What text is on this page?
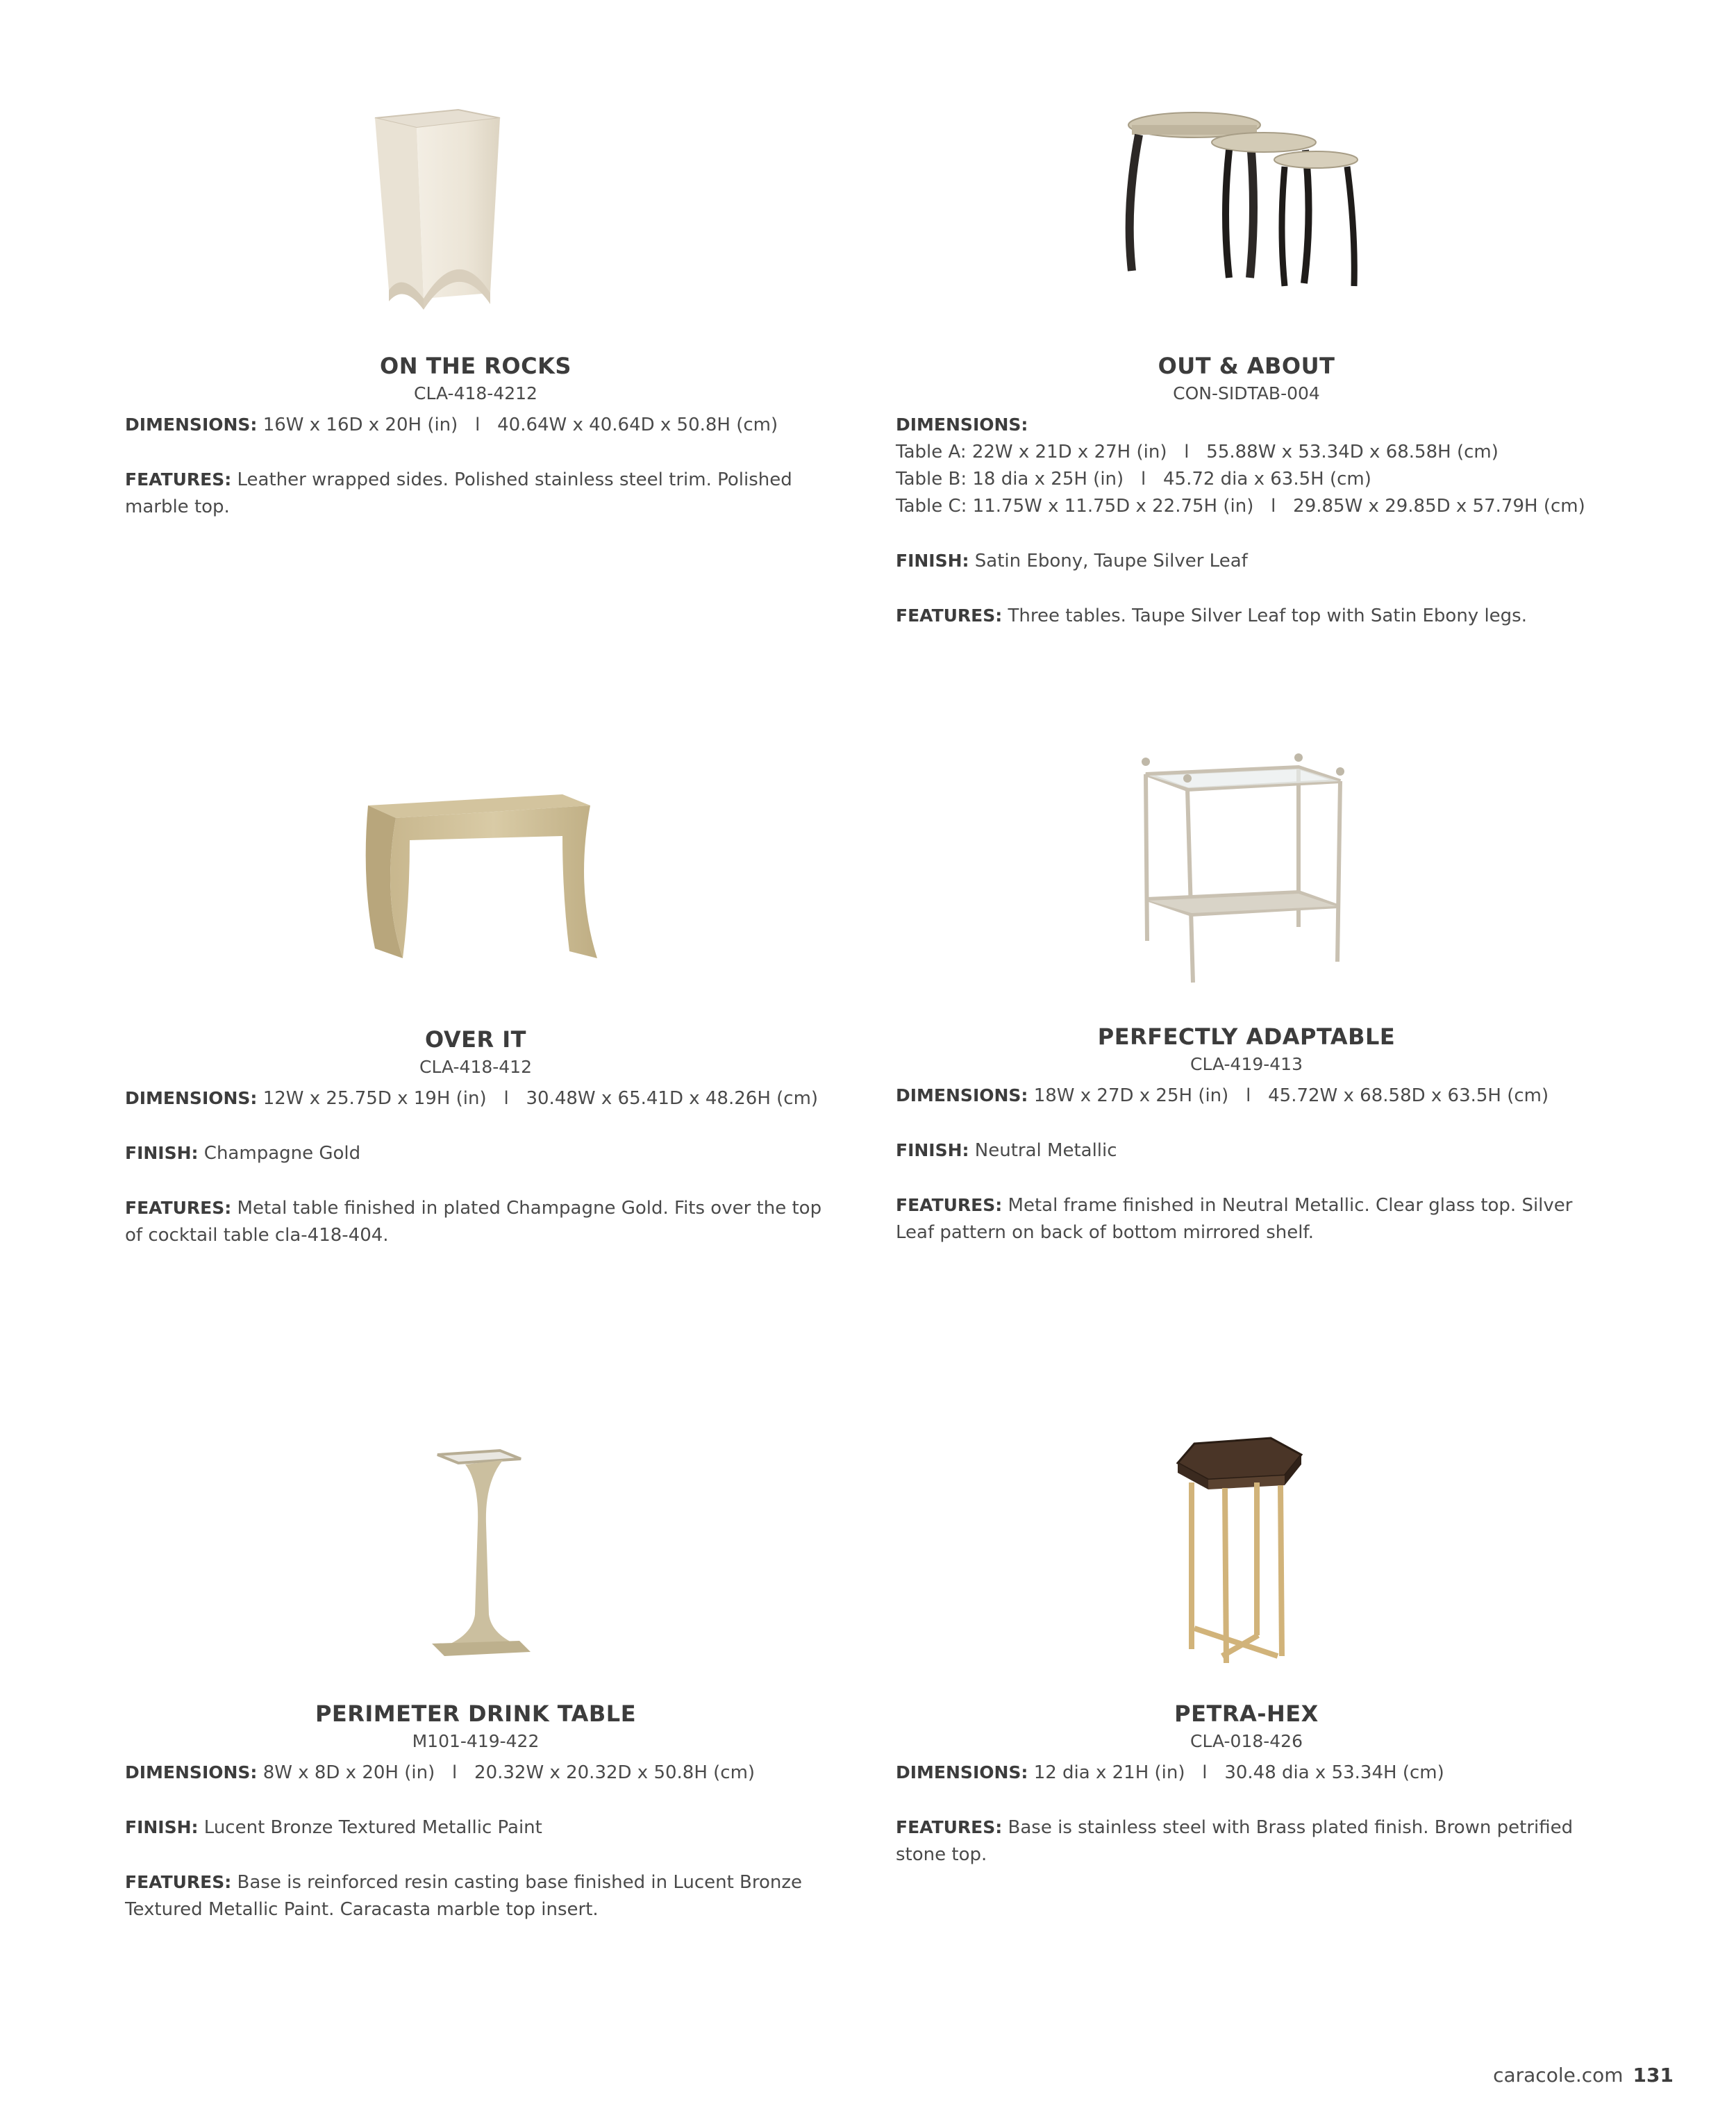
ON THE ROCKS
CLA-418-4212
DIMENSIONS: 16W x 16D x 20H (in)   l   40.64W x 40.64D x 50.8H (cm)
FEATURES: Leather wrapped sides. Polished stainless steel trim. Polished marble top.
OUT & ABOUT
CON-SIDTAB-004
DIMENSIONS:
Table A: 22W x 21D x 27H (in)   l   55.88W x 53.34D x 68.58H (cm)
Table B: 18 dia x 25H (in)   l   45.72 dia x 63.5H (cm)
Table C: 11.75W x 11.75D x 22.75H (in)   l   29.85W x 29.85D x 57.79H (cm)
FINISH: Satin Ebony, Taupe Silver Leaf
FEATURES: Three tables. Taupe Silver Leaf top with Satin Ebony legs.
OVER IT
CLA-418-412
DIMENSIONS: 12W x 25.75D x 19H (in)   l   30.48W x 65.41D x 48.26H (cm)
FINISH: Champagne Gold
FEATURES: Metal table finished in plated Champagne Gold. Fits over the top of cocktail table cla-418-404.
PERFECTLY ADAPTABLE
CLA-419-413
DIMENSIONS: 18W x 27D x 25H (in)   l   45.72W x 68.58D x 63.5H (cm)
FINISH: Neutral Metallic
FEATURES: Metal frame finished in Neutral Metallic. Clear glass top. Silver Leaf pattern on back of bottom mirrored shelf.
PERIMETER DRINK TABLE
M101-419-422
DIMENSIONS: 8W x 8D x 20H (in)   l   20.32W x 20.32D x 50.8H (cm)
FINISH: Lucent Bronze Textured Metallic Paint
FEATURES: Base is reinforced resin casting base finished in Lucent Bronze Textured Metallic Paint. Caracasta marble top insert.
PETRA-HEX
CLA-018-426
DIMENSIONS: 12 dia x 21H (in)   l   30.48 dia x 53.34H (cm)
FEATURES: Base is stainless steel with Brass plated finish. Brown petrified stone top.
caracole.com 131
